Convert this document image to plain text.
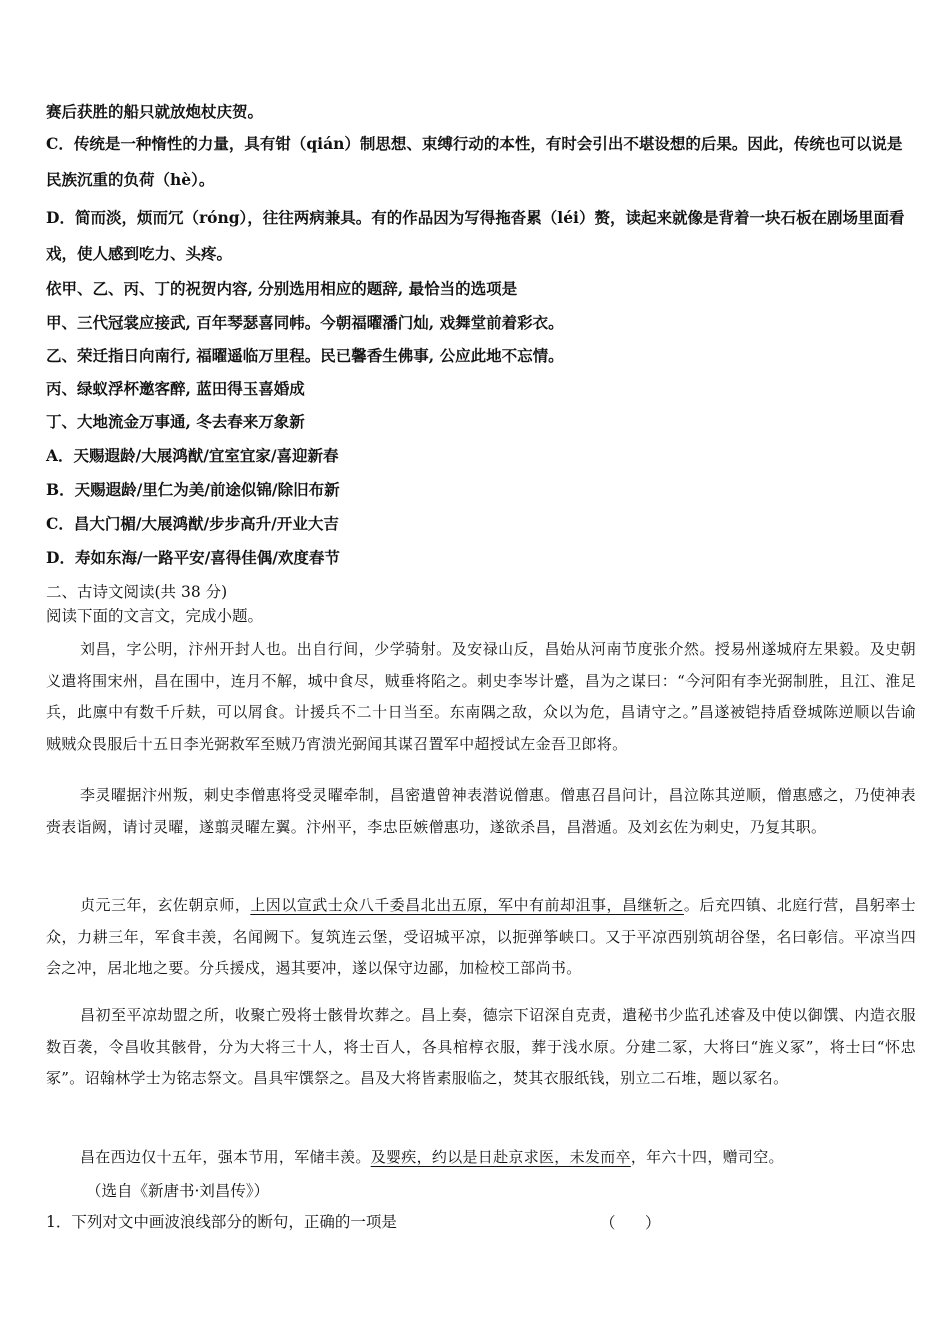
赛后获胜的船只就放炮杖庆贺。
C．传统是一种惰性的力量，具有钳（qián）制思想、束缚行动的本性，有时会引出不堪设想的后果。因此，传统也可以说是民族沉重的负荷（hè）。
D．简而淡，烦而冗（róng），往往两病兼具。有的作品因为写得拖沓累（léi）赘，读起来就像是背着一块石板在剧场里面看戏，使人感到吃力、头疼。
依甲、乙、丙、丁的祝贺内容, 分别选用相应的题辞, 最恰当的选项是
甲、三代冠裳应接武, 百年琴瑟喜同帏。今朝福曜潘门灿, 戏舞堂前着彩衣。
乙、荣迁指日向南行, 福曜遥临万里程。民已馨香生佛事, 公应此地不忘情。
丙、绿蚁浮杯邀客醉, 蓝田得玉喜婚成
丁、大地流金万事通, 冬去春来万象新
A．天赐遐龄/大展鸿猷/宜室宜家/喜迎新春
B．天赐遐龄/里仁为美/前途似锦/除旧布新
C．昌大门楣/大展鸿猷/步步高升/开业大吉
D．寿如东海/一路平安/喜得佳偶/欢度春节
二、古诗文阅读(共 38 分)
阅读下面的文言文，完成小题。
刘昌，字公明，汴州开封人也。出自行间，少学骑射。及安禄山反，昌始从河南节度张介然。授易州遂城府左果毅。及史朝义遣将围宋州，昌在围中，连月不解，城中食尽，贼垂将陷之。刺史李岑计蹙，昌为之谋曰：“今河阳有李光弼制胜，且江、淮足兵，此廪中有数千斤麸，可以屑食。计援兵不二十日当至。东南隅之敌，众以为危，昌请守之。”昌遂被铠持盾登城陈逆顺以告谕贼贼众畏服后十五日李光弼救军至贼乃宵溃光弼闻其谋召置军中超授试左金吾卫郎将。
李灵曜据汴州叛，刺史李僧惠将受灵曜牵制，昌密遣曾神表潜说僧惠。僧惠召昌问计，昌泣陈其逆顺，僧惠感之，乃使神表赍表诣阙，请讨灵曜，遂翦灵曜左翼。汴州平，李忠臣嫉僧惠功，遂欲杀昌，昌潜遁。及刘玄佐为刺史，乃复其职。
贞元三年，玄佐朝京师，上因以宣武士众八千委昌北出五原，军中有前却沮事，昌继斩之。后充四镇、北庭行营，昌躬率士众，力耕三年，军食丰羡，名闻阙下。复筑连云堡，受诏城平凉，以扼弹筝峡口。又于平凉西别筑胡谷堡，名曰彰信。平凉当四会之冲，居北地之要。分兵援戍，遏其要冲，遂以保守边鄙，加检校工部尚书。
昌初至平凉劫盟之所，收聚亡殁将士骸骨坎葬之。昌上奏，德宗下诏深自克责，遣秘书少监孔述睿及中使以御馔、内造衣服数百袭，令昌收其骸骨，分为大将三十人，将士百人，各具棺椁衣服，葬于浅水原。分建二冢，大将曰“旌义冢”，将士曰“怀忠冢”。诏翰林学士为铭志祭文。昌具牢馔祭之。昌及大将皆素服临之，焚其衣服纸钱，别立二石堆，题以冢名。
昌在西边仅十五年，强本节用，军储丰羡。及婴疾，约以是日赴京求医，未发而卒，年六十四，赠司空。
（选自《新唐书·刘昌传》）
1．下列对文中画波浪线部分的断句，正确的一项是	（      ）
